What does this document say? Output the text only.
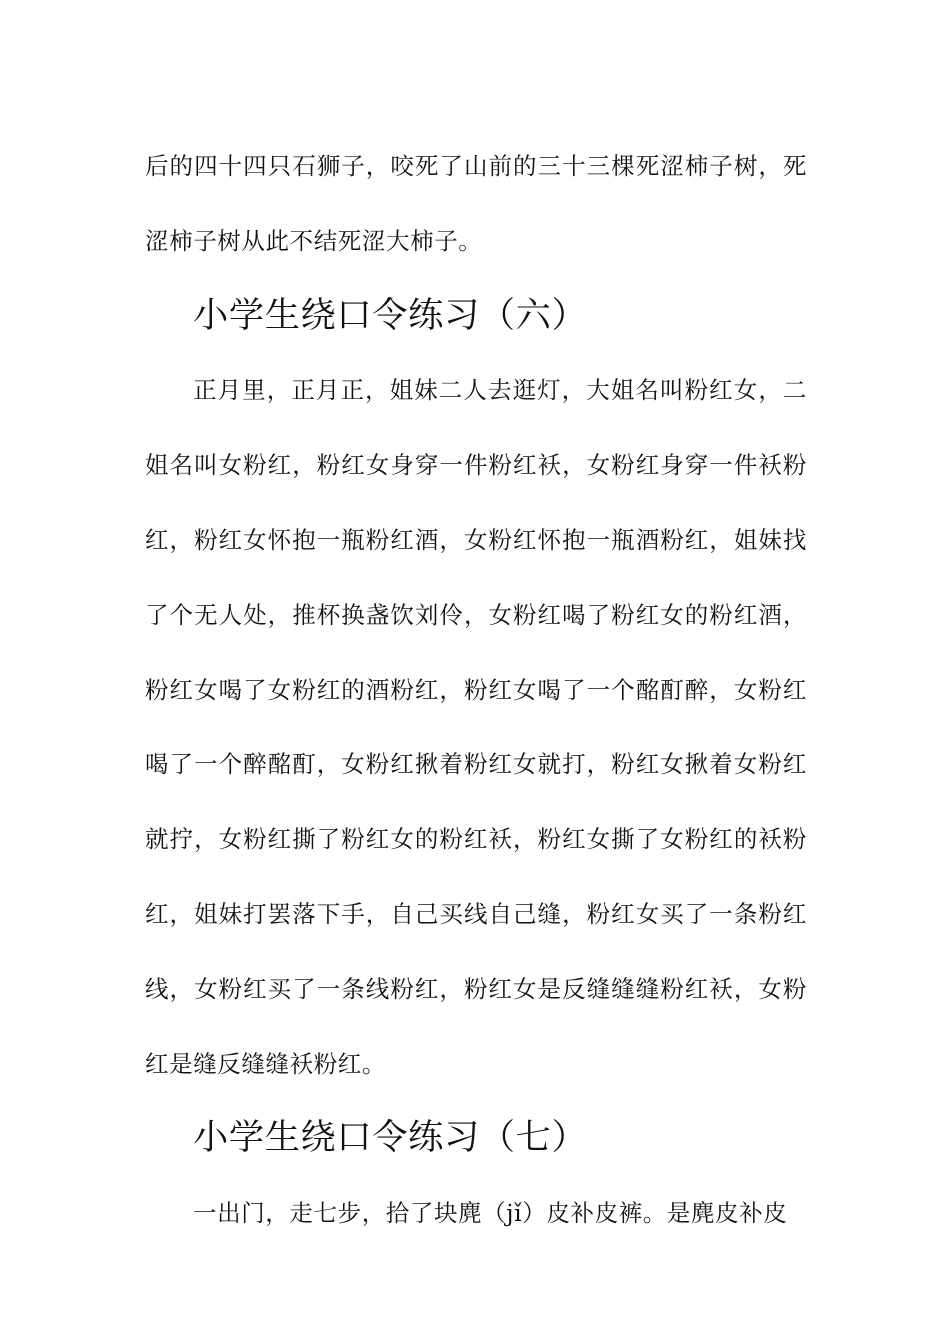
后的四十四只石狮子，咬死了山前的三十三棵死涩柿子树，死涩柿子树从此不结死涩大柿子。

小学生绕口令练习（六）

正月里，正月正，姐妹二人去逛灯，大姐名叫粉红女，二姐名叫女粉红，粉红女身穿一件粉红袄，女粉红身穿一件袄粉红，粉红女怀抱一瓶粉红酒，女粉红怀抱一瓶酒粉红，姐妹找了个无人处，推杯换盏饮刘伶，女粉红喝了粉红女的粉红酒，粉红女喝了女粉红的酒粉红，粉红女喝了一个酩酊醉，女粉红喝了一个醉酩酊，女粉红揪着粉红女就打，粉红女揪着女粉红就拧，女粉红撕了粉红女的粉红袄，粉红女撕了女粉红的袄粉红，姐妹打罢落下手，自己买线自己缝，粉红女买了一条粉红线，女粉红买了一条线粉红，粉红女是反缝缝缝粉红袄，女粉红是缝反缝缝袄粉红。

小学生绕口令练习（七）

一出门，走七步，拾了块麂（jǐ）皮补皮裤。是麂皮补皮
